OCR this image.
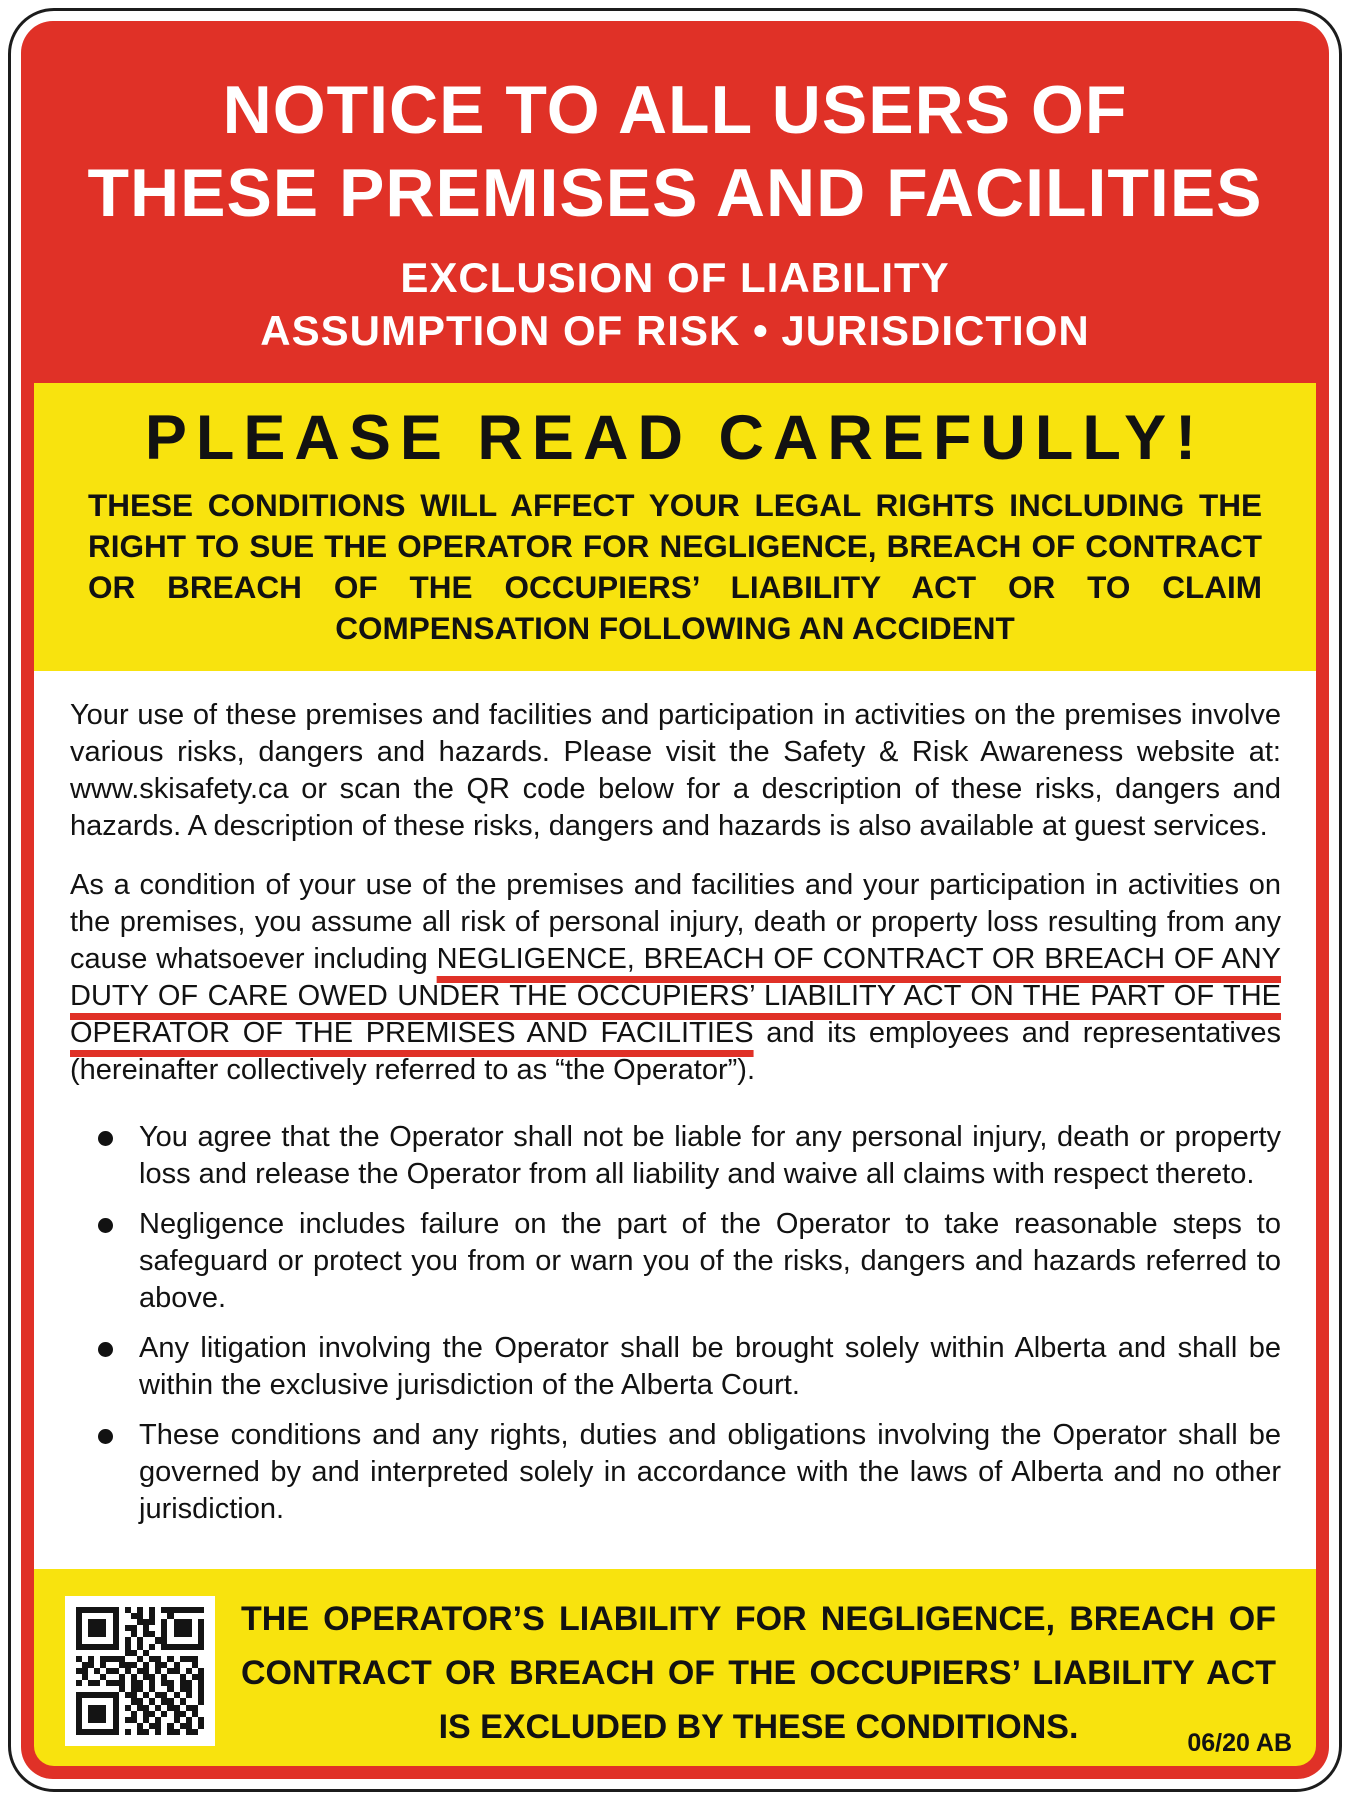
NOTICE TO ALL USERS OF
THESE PREMISES AND FACILITIES
EXCLUSION OF LIABILITY
ASSUMPTION OF RISK • JURISDICTION
PLEASE READ CAREFULLY!

THESE CONDITIONS WILL AFFECT YOUR LEGAL RIGHTS INCLUDING THE RIGHT TO SUE THE OPERATOR FOR NEGLIGENCE, BREACH OF CONTRACT OR BREACH OF THE OCCUPIERS’ LIABILITY ACT OR TO CLAIM COMPENSATION FOLLOWING AN ACCIDENT

Your use of these premises and facilities and participation in activities on the premises involve various risks, dangers and hazards. Please visit the Safety & Risk Awareness website at: www.skisafety.ca or scan the QR code below for a description of these risks, dangers and hazards. A description of these risks, dangers and hazards is also available at guest services.

As a condition of your use of the premises and facilities and your participation in activities on the premises, you assume all risk of personal injury, death or property loss resulting from any cause whatsoever including NEGLIGENCE, BREACH OF CONTRACT OR BREACH OF ANY DUTY OF CARE OWED UNDER THE OCCUPIERS’ LIABILITY ACT ON THE PART OF THE OPERATOR OF THE PREMISES AND FACILITIES and its employees and representatives (hereinafter collectively referred to as “the Operator”).

You agree that the Operator shall not be liable for any personal injury, death or property loss and release the Operator from all liability and waive all claims with respect thereto.
Negligence includes failure on the part of the Operator to take reasonable steps to safeguard or protect you from or warn you of the risks, dangers and hazards referred to above.
Any litigation involving the Operator shall be brought solely within Alberta and shall be within the exclusive jurisdiction of the Alberta Court.
These conditions and any rights, duties and obligations involving the Operator shall be governed by and interpreted solely in accordance with the laws of Alberta and no other jurisdiction.

THE OPERATOR’S LIABILITY FOR NEGLIGENCE, BREACH OF CONTRACT OR BREACH OF THE OCCUPIERS’ LIABILITY ACT IS EXCLUDED BY THESE CONDITIONS.	06/20 AB
